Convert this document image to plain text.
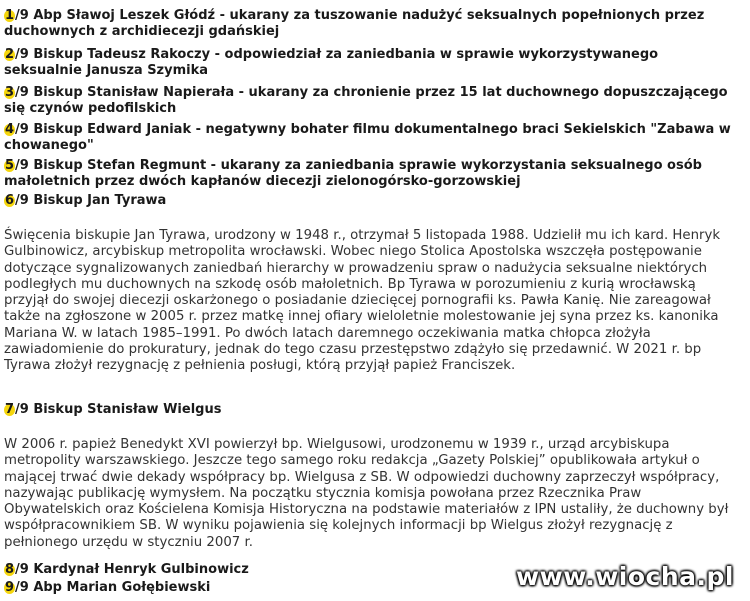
1/9 Abp Sławoj Leszek Głódź - ukarany za tuszowanie nadużyć seksualnych popełnionych przez duchownych z archidiecezji gdańskiej
2/9 Biskup Tadeusz Rakoczy - odpowiedział za zaniedbania w sprawie wykorzystywanego seksualnie Janusza Szymika
3/9 Biskup Stanisław Napierała - ukarany za chronienie przez 15 lat duchownego dopuszczającego się czynów pedofilskich
4/9 Biskup Edward Janiak - negatywny bohater filmu dokumentalnego braci Sekielskich "Zabawa w chowanego"
5/9 Biskup Stefan Regmunt - ukarany za zaniedbania sprawie wykorzystania seksualnego osób małoletnich przez dwóch kapłanów diecezji zielonogórsko-gorzowskiej
6/9 Biskup Jan Tyrawa

Święcenia biskupie Jan Tyrawa, urodzony w 1948 r., otrzymał 5 listopada 1988. Udzielił mu ich kard. Henryk Gulbinowicz, arcybiskup metropolita wrocławski. Wobec niego Stolica Apostolska wszczęła postępowanie dotyczące sygnalizowanych zaniedbań hierarchy w prowadzeniu spraw o nadużycia seksualne niektórych podległych mu duchownych na szkodę osób małoletnich. Bp Tyrawa w porozumieniu z kurią wrocławską przyjął do swojej diecezji oskarżonego o posiadanie dziecięcej pornografii ks. Pawła Kanię. Nie zareagował także na zgłoszone w 2005 r. przez matkę innej ofiary wieloletnie molestowanie jej syna przez ks. kanonika Mariana W. w latach 1985–1991. Po dwóch latach daremnego oczekiwania matka chłopca złożyła zawiadomienie do prokuratury, jednak do tego czasu przestępstwo zdążyło się przedawnić. W 2021 r. bp Tyrawa złożył rezygnację z pełnienia posługi, którą przyjął papież Franciszek.

7/9 Biskup Stanisław Wielgus

W 2006 r. papież Benedykt XVI powierzył bp. Wielgusowi, urodzonemu w 1939 r., urząd arcybiskupa metropolity warszawskiego. Jeszcze tego samego roku redakcja „Gazety Polskiej” opublikowała artykuł o mającej trwać dwie dekady współpracy bp. Wielgusa z SB. W odpowiedzi duchowny zaprzeczył współpracy, nazywając publikację wymysłem. Na początku stycznia komisja powołana przez Rzecznika Praw Obywatelskich oraz Kościelena Komisja Historyczna na podstawie materiałów z IPN ustaliły, że duchowny był współpracownikiem SB. W wyniku pojawienia się kolejnych informacji bp Wielgus złożył rezygnację z pełnionego urzędu w styczniu 2007 r.

8/9 Kardynał Henryk Gulbinowicz
9/9 Abp Marian Gołębiewski	www.wiocha.pl
